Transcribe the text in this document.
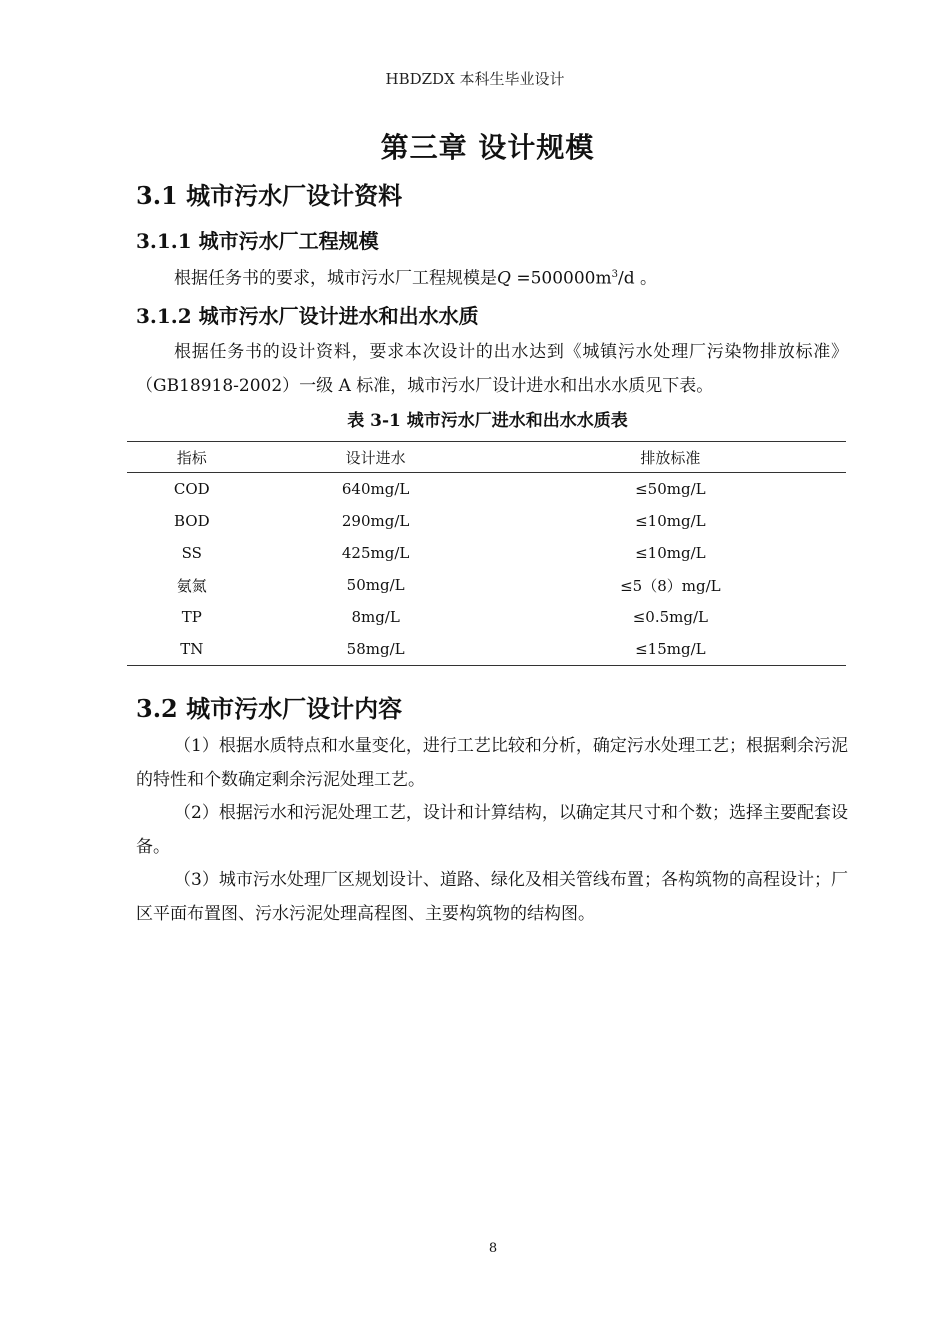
HBDZDX 本科生毕业设计
第三章 设计规模
3.1 城市污水厂设计资料
3.1.1 城市污水厂工程规模
根据任务书的要求，城市污水厂工程规模是$Q =500000m^3/d$ 。
3.1.2 城市污水厂设计进水和出水水质
根据任务书的设计资料，要求本次设计的出水达到《城镇污水处理厂污染物排放标准》（GB18918-2002）一级 A 标准，城市污水厂设计进水和出水水质见下表。
表 3-1 城市污水厂进水和出水水质表
指标	设计进水	排放标准
COD	640mg/L	≤50mg/L
BOD	290mg/L	≤10mg/L
SS	425mg/L	≤10mg/L
氨氮	50mg/L	≤5（8）mg/L
TP	8mg/L	≤0.5mg/L
TN	58mg/L	≤15mg/L
3.2 城市污水厂设计内容
（1）根据水质特点和水量变化，进行工艺比较和分析，确定污水处理工艺；根据剩余污泥的特性和个数确定剩余污泥处理工艺。
（2）根据污水和污泥处理工艺，设计和计算结构，以确定其尺寸和个数；选择主要配套设备。
（3）城市污水处理厂区规划设计、道路、绿化及相关管线布置；各构筑物的高程设计；厂区平面布置图、污水污泥处理高程图、主要构筑物的结构图。
8
